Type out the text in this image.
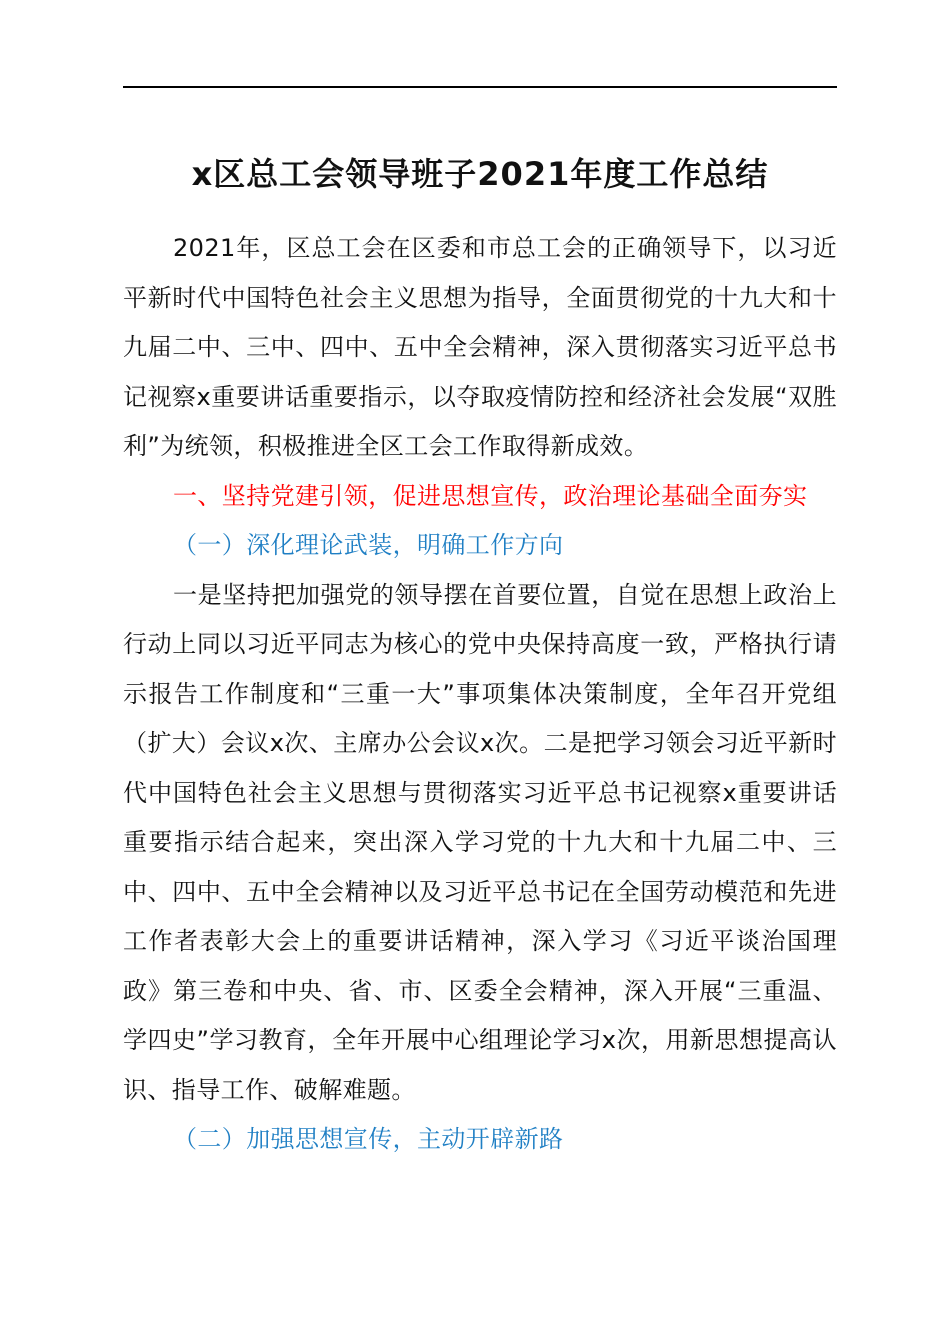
x区总工会领导班子2021年度工作总结

2021年，区总工会在区委和市总工会的正确领导下，以习近平新时代中国特色社会主义思想为指导，全面贯彻党的十九大和十九届二中、三中、四中、五中全会精神，深入贯彻落实习近平总书记视察x重要讲话重要指示，以夺取疫情防控和经济社会发展“双胜利”为统领，积极推进全区工会工作取得新成效。

一、坚持党建引领，促进思想宣传，政治理论基础全面夯实

（一）深化理论武装，明确工作方向

一是坚持把加强党的领导摆在首要位置，自觉在思想上政治上行动上同以习近平同志为核心的党中央保持高度一致，严格执行请示报告工作制度和“三重一大”事项集体决策制度，全年召开党组（扩大）会议x次、主席办公会议x次。二是把学习领会习近平新时代中国特色社会主义思想与贯彻落实习近平总书记视察x重要讲话重要指示结合起来，突出深入学习党的十九大和十九届二中、三中、四中、五中全会精神以及习近平总书记在全国劳动模范和先进工作者表彰大会上的重要讲话精神，深入学习《习近平谈治国理政》第三卷和中央、省、市、区委全会精神，深入开展“三重温、学四史”学习教育，全年开展中心组理论学习x次，用新思想提高认识、指导工作、破解难题。

（二）加强思想宣传，主动开辟新路
